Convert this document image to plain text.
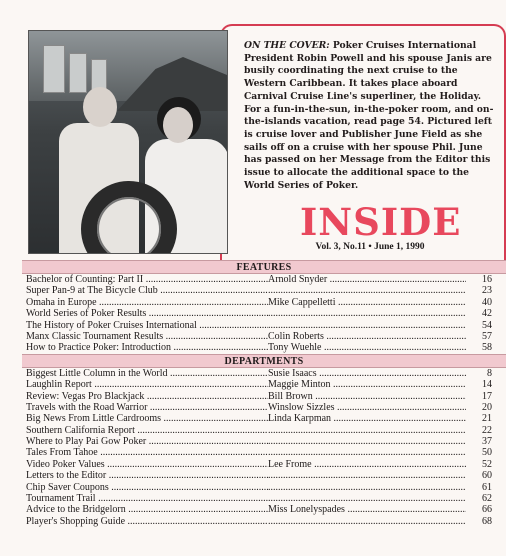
ON THE COVER: Poker Cruises International President Robin Powell and his spouse Janis are busily coordinating the next cruise to the Western Caribbean. It takes place aboard Carnival Cruise Line's superliner, the Holiday. For a fun-in-the-sun, in-the-poker room, and on-the-islands vacation, read page 54. Pictured left is cruise lover and Publisher June Field as she sails off on a cruise with her spouse Phil. June has passed on her Message from the Editor this issue to allocate the additional space to the World Series of Poker.
INSIDE
Vol. 3, No.11 • June 1, 1990
FEATURES
Bachelor of Counting: Part II .....	Arnold Snyder .....	16
Super Pan-9 at The Bicycle Club ..... .....	23
Omaha in Europe .....	Mike Cappelletti .....	40
World Series of Poker Results ..... .....	42
The History of Poker Cruises International ..... .....	54
Manx Classic Tournament Results .....	Colin Roberts .....	57
How to Practice Poker: Introduction .....	Tony Wuehle .....	58
DEPARTMENTS
Biggest Little Column in the World .....	Susie Isaacs .....	8
Laughlin Report .....	Maggie Minton .....	14
Review: Vegas Pro Blackjack .....	Bill Brown .....	17
Travels with the Road Warrior .....	Winslow Sizzles .....	20
Big News From Little Cardrooms .....	Linda Karpman .....	21
Southern California Report ..... .....	22
Where to Play Pai Gow Poker ..... .....	37
Tales From Tahoe ..... .....	50
Video Poker Values .....	Lee Frome .....	52
Letters to the Editor ..... .....	60
Chip Saver Coupons ..... .....	61
Tournament Trail ..... .....	62
Advice to the Bridgelorn .....	Miss Lonelyspades .....	66
Player's Shopping Guide ..... .....	68
